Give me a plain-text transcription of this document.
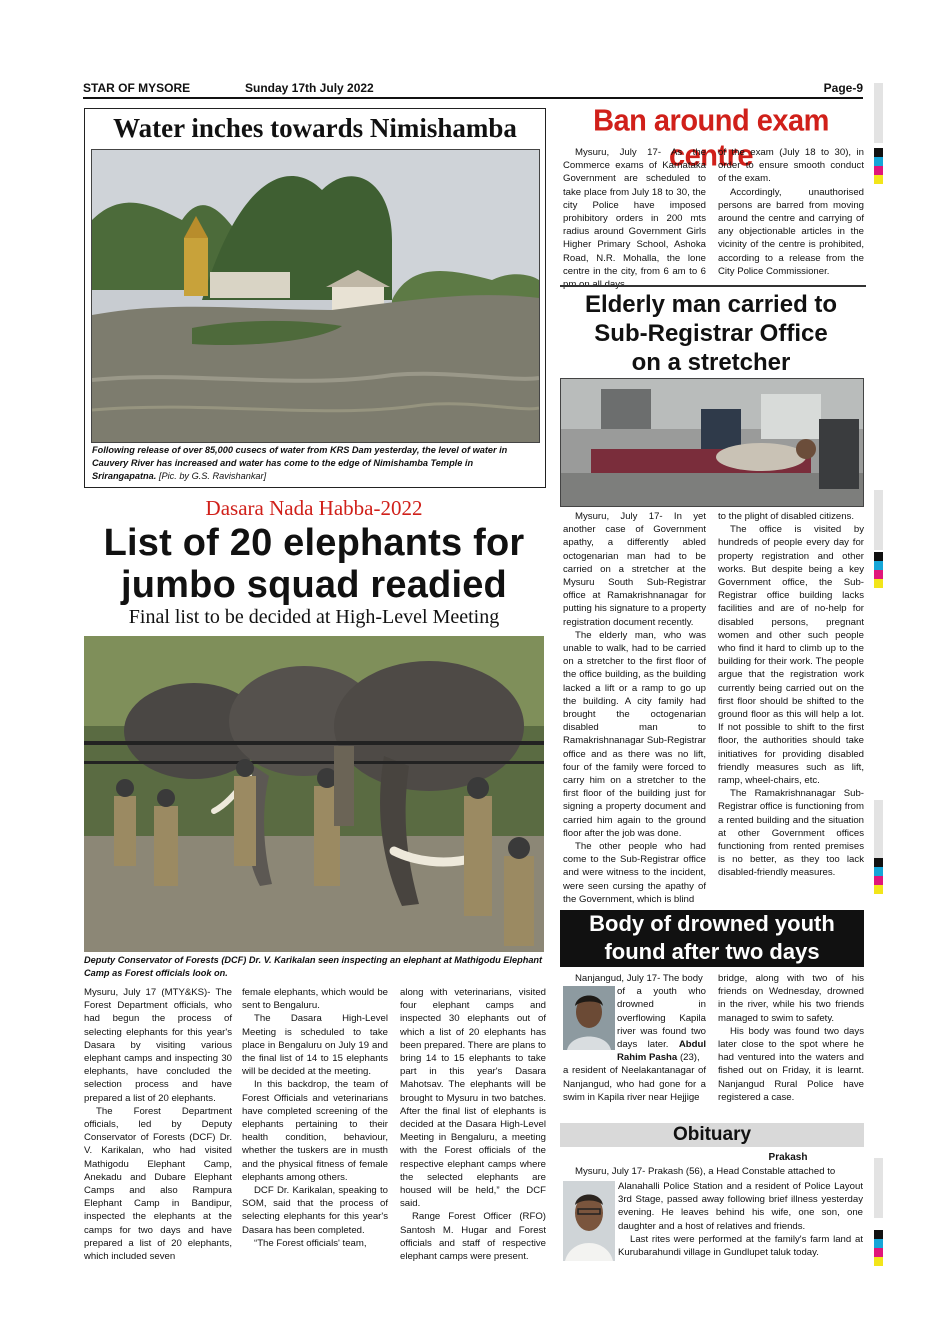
STAR OF MYSORE	Sunday 17th July 2022	Page-9
Water inches towards Nimishamba
Following release of over 85,000 cusecs of water from KRS Dam yesterday, the level of water in Cauvery River has increased and water has come to the edge of Nimishamba Temple in Srirangapatna. [Pic. by G.S. Ravishankar]
Dasara Nada Habba-2022
List of 20 elephants for
jumbo squad readied
Final list to be decided at High-Level Meeting
Deputy Conservator of Forests (DCF) Dr. V. Karikalan seen inspecting an elephant at Mathigodu Elephant Camp as Forest officials look on.

Mysuru, July 17 (MTY&KS)- The Forest Department officials, who had begun the process of selecting elephants for this year's Dasara by visiting various elephant camps and inspecting 30 elephants, have concluded the selection process and have prepared a list of 20 elephants.

The Forest Department officials, led by Deputy Conservator of Forests (DCF) Dr. V. Karikalan, who had visited Mathigodu Elephant Camp, Anekadu and Dubare Elephant Camps and also Rampura Elephant Camp in Bandipur, inspected the elephants at the camps for two days and have prepared a list of 20 elephants, which included seven

female elephants, which would be sent to Bengaluru.

The Dasara High-Level Meeting is scheduled to take place in Bengaluru on July 19 and the final list of 14 to 15 elephants will be decided at the meeting.

In this backdrop, the team of Forest Officials and veterinarians have completed screening of the elephants pertaining to their health condition, behaviour, whether the tuskers are in musth and the physical fitness of female elephants among others.

DCF Dr. Karikalan, speaking to SOM, said that the process of selecting elephants for this year's Dasara has been completed.

“The Forest officials' team,

along with veterinarians, visited four elephant camps and inspected 30 elephants out of which a list of 20 elephants has been prepared. There are plans to bring 14 to 15 elephants to take part in this year's Dasara Mahotsav. The elephants will be brought to Mysuru in two batches. After the final list of elephants is decided at the Dasara High-Level Meeting in Bengaluru, a meeting with the Forest officials of the respective elephant camps where the selected elephants are housed will be held,” the DCF said.

Range Forest Officer (RFO) Santosh M. Hugar and Forest officials and staff of respective elephant camps were present.

Ban around exam centre

Mysuru, July 17- As the Commerce exams of Karnataka Government are scheduled to take place from July 18 to 30, the city Police have imposed prohibitory orders in 200 mts radius around Government Girls Higher Primary School, Ashoka Road, N.R. Mohalla, the lone centre in the city, from 6 am to 6

of the exam (July 18 to 30), in order to ensure smooth conduct of the exam.

Accordingly, unauthorised persons are barred from moving around the centre and carrying of any objectionable articles in the vicinity of the centre is prohibited, according to a release from the City Police Commissioner.

Elderly man carried to
Sub-Registrar Office
on a stretcher

Mysuru, July 17- In yet another case of Government apathy, a differently abled octogenarian man had to be carried on a stretcher at the Mysuru South Sub-Registrar office at Ramakrishnanagar for putting his signature to a property registration document recently.

The elderly man, who was unable to walk, had to be carried on a stretcher to the first floor of the office building, as the building lacked a lift or a ramp to go up the building. A city family had brought the octogenarian disabled man to Ramakrishnanagar Sub-Registrar office and as there was no lift, four of the family were forced to carry him on a stretcher to the first floor of the building just for signing a property document and carried him again to the ground floor after the job was done.

The other people who had come to the Sub-Registrar office and were witness to the incident, were seen cursing the apathy of the Government, which is blind

to the plight of disabled citizens.

The office is visited by hundreds of people every day for property registration and other works. But despite being a key Government office, the Sub-Registrar office building lacks facilities and are of no-help for disabled persons, pregnant women and other such people who find it hard to climb up to the building for their work. The people argue that the registration work currently being carried out on the first floor should be shifted to the ground floor as this will help a lot. If not possible to shift to the first floor, the authorities should take initiatives for providing disabled friendly measures such as lift, ramp, wheel-chairs, etc.

The Ramakrishnanagar Sub-Registrar office is functioning from a rented building and the situation at other Government offices functioning from rented premises is no better, as they too lack disabled-friendly measures.

Body of drowned youth
found after two days
Nanjangud, July 17- The body
of a youth who drowned in overflowing Kapila river was found two days later. Abdul Rahim Pasha (23),
a resident of Neelakantanagar of Nanjangud, who had gone for a swim in Kapila river near Hejjige

bridge, along with two of his friends on Wednesday, drowned in the river, while his two friends managed to swim to safety.

His body was found two days later close to the spot where he had ventured into the waters and fished out on Friday, it is learnt. Nanjangud Rural Police have registered a case.

Obituary
Prakash

Mysuru, July 17- Prakash (56), a Head Constable attached to

Alanahalli Police Station and a resident of Police Layout 3rd Stage, passed away following brief illness yesterday evening. He leaves behind his wife, one son, one daughter and a host of relatives and friends.

Last rites were performed at the family's farm land at Kurubarahundi village in Gundlupet taluk today.
